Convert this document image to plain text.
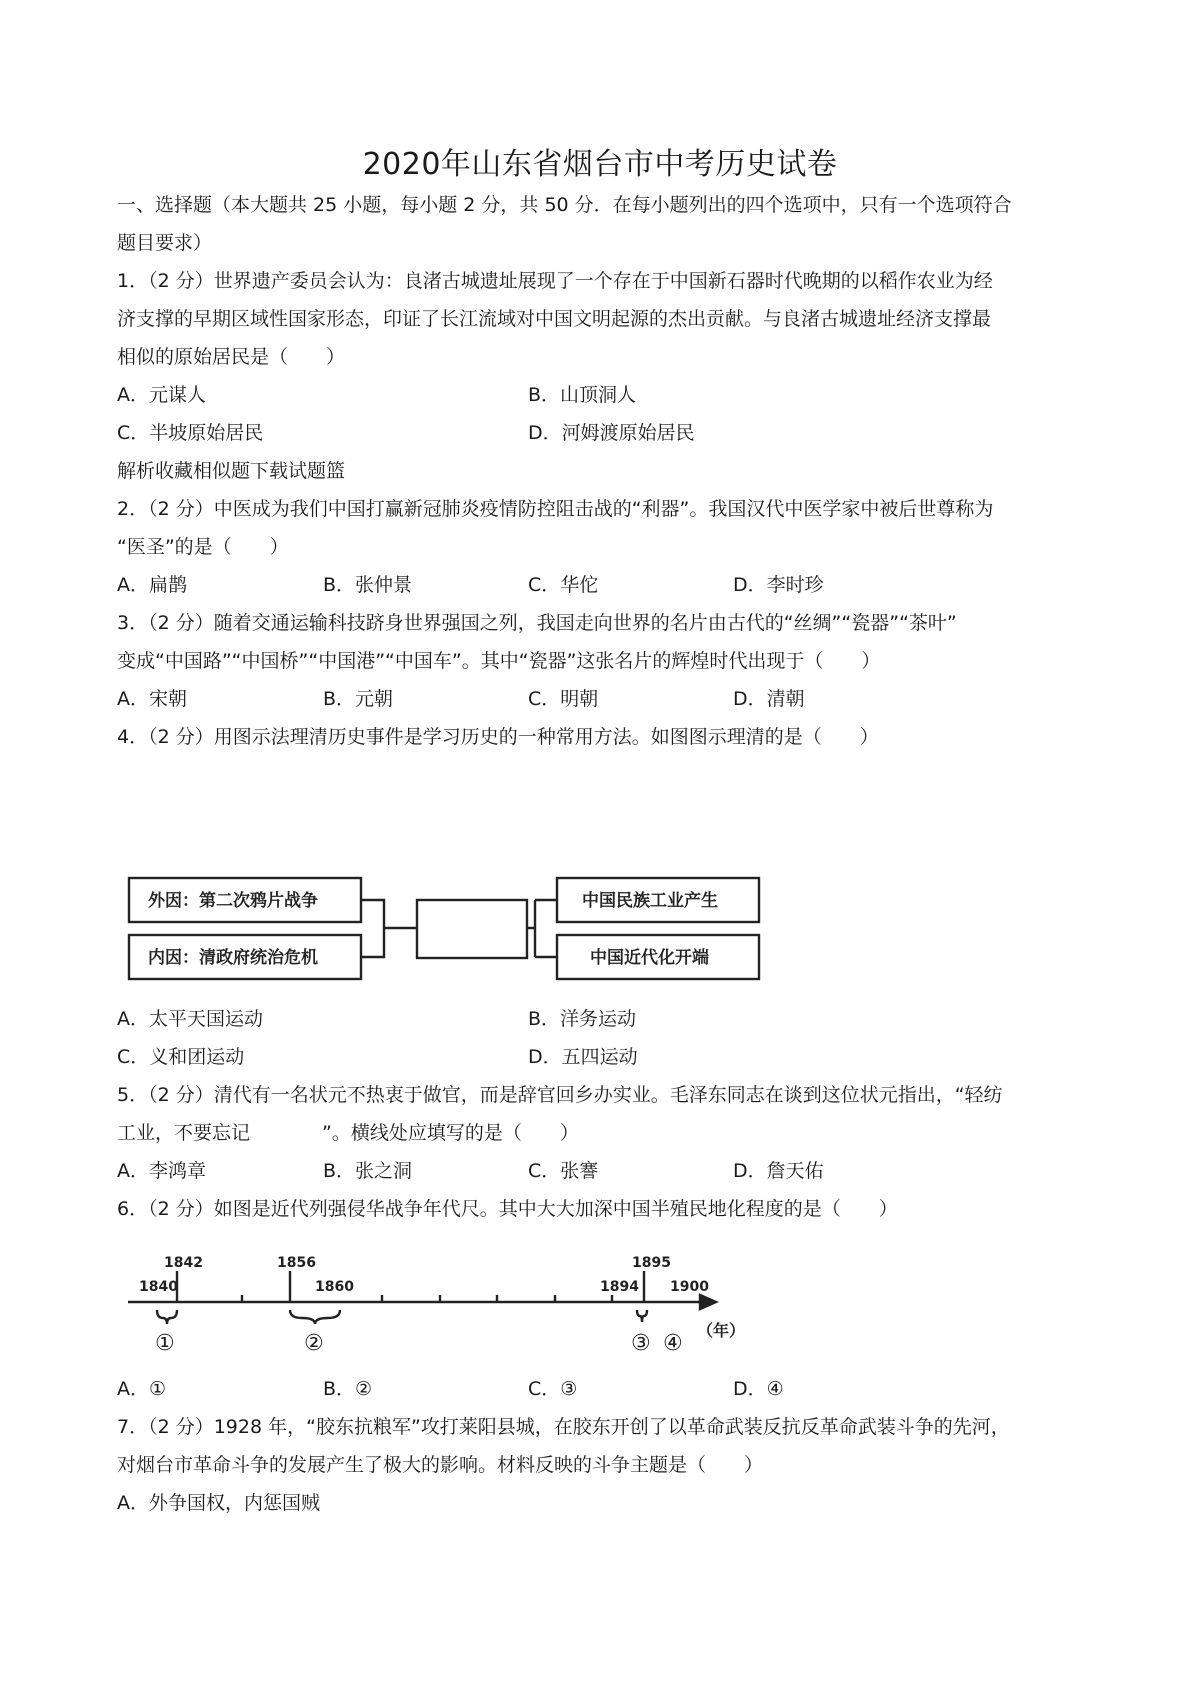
2020年山东省烟台市中考历史试卷
一、选择题（本大题共 25 小题，每小题 2 分，共 50 分．在每小题列出的四个选项中，只有一个选项符合
题目要求）
1．（2 分）世界遗产委员会认为：良渚古城遗址展现了一个存在于中国新石器时代晚期的以稻作农业为经
济支撑的早期区域性国家形态，印证了长江流域对中国文明起源的杰出贡献。与良渚古城遗址经济支撑最
相似的原始居民是（　　）
A．元谋人	B．山顶洞人
C．半坡原始居民	D．河姆渡原始居民
解析收藏相似题下载试题篮
2．（2 分）中医成为我们中国打赢新冠肺炎疫情防控阻击战的“利器”。我国汉代中医学家中被后世尊称为
“医圣”的是（　　）
A．扁鹊	B．张仲景	C．华佗	D．李时珍
3．（2 分）随着交通运输科技跻身世界强国之列，我国走向世界的名片由古代的“丝绸”“瓷器”“茶叶”
变成“中国路”“中国桥”“中国港”“中国车”。其中“瓷器”这张名片的辉煌时代出现于（　　）
A．宋朝	B．元朝	C．明朝	D．清朝
4．（2 分）用图示法理清历史事件是学习历史的一种常用方法。如图图示理清的是（　　）
外因：第二次鸦片战争
内因：清政府统治危机
中国民族工业产生
中国近代化开端
A．太平天国运动	B．洋务运动
C．义和团运动	D．五四运动
5．（2 分）清代有一名状元不热衷于做官，而是辞官回乡办实业。毛泽东同志在谈到这位状元指出，“轻纺
工业，不要忘记	”。横线处应填写的是（　　）
A．李鸿章	B．张之洞	C．张謇	D．詹天佑
6．（2 分）如图是近代列强侵华战争年代尺。其中大大加深中国半殖民地化程度的是（　　）
1840
1842	1856
1860	1894
1895
1900
（年）
①	②	③ ④
A．①	B．②	C．③	D．④
7．（2 分）1928 年，“胶东抗粮军”攻打莱阳县城，在胶东开创了以革命武装反抗反革命武装斗争的先河，
对烟台市革命斗争的发展产生了极大的影响。材料反映的斗争主题是（　　）
A．外争国权，内惩国贼
